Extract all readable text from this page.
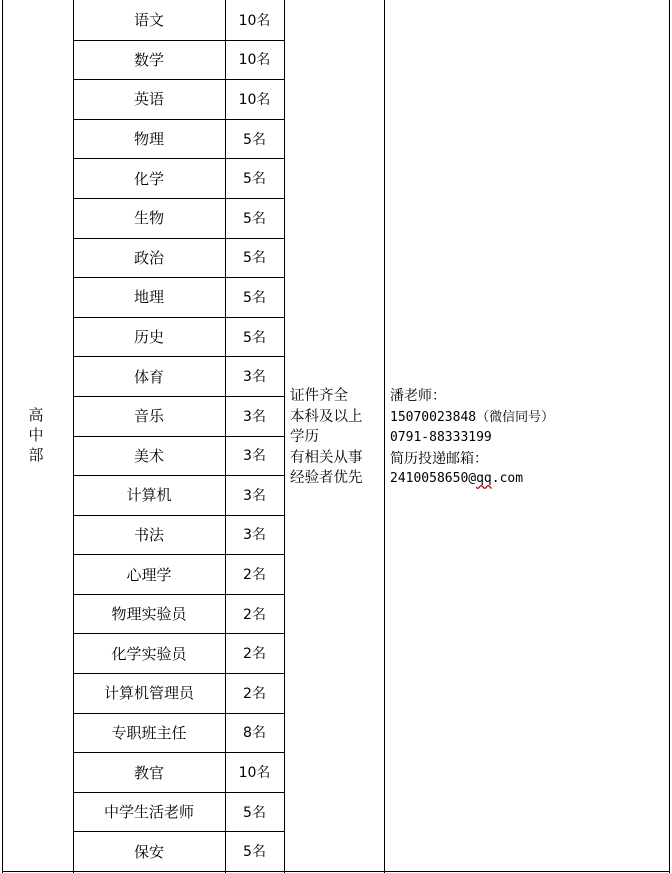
高
中
部
语文	10名
数学	10名
英语	10名
物理	5名
化学	5名
生物	5名
政治	5名
地理	5名
历史	5名
体育	3名
音乐	3名
美术	3名
计算机	3名
书法	3名
心理学	2名
物理实验员	2名
化学实验员	2名
计算机管理员	2名
专职班主任	8名
教官	10名
中学生活老师	5名
保安	5名
证件齐全
本科及以上
学历
有相关从事
经验者优先
潘老师：
15070023848（微信同号）
0791-88333199
简历投递邮箱：
2410058650@qq.com
